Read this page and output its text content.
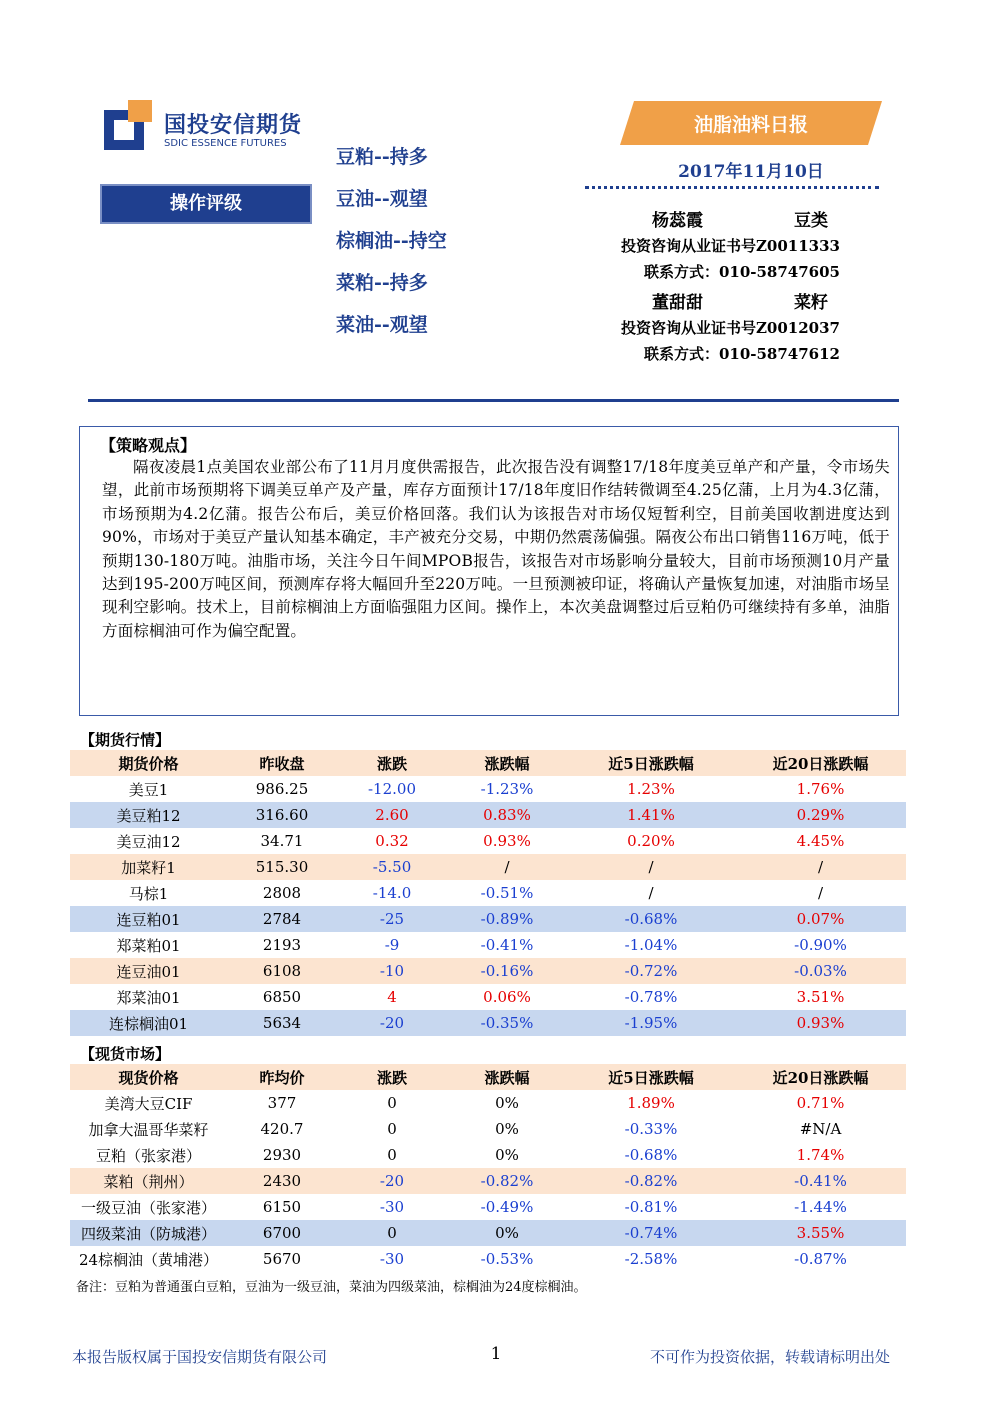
国投安信期货
SDIC ESSENCE FUTURES
操作评级
豆粕--持多
豆油--观望
棕榈油--持空
菜粕--持多
菜油--观望
油脂油料日报
2017年11月10日
杨蕊霞	豆类
投资咨询从业证书号Z0011333
联系方式：010-58747605
董甜甜	菜籽
投资咨询从业证书号Z0012037
联系方式：010-58747612
【策略观点】

隔夜凌晨1点美国农业部公布了11月月度供需报告，此次报告没有调整17/18年度美豆单产和产量，令市场失望，此前市场预期将下调美豆单产及产量，库存方面预计17/18年度旧作结转微调至4.25亿蒲，上月为4.3亿蒲，市场预期为4.2亿蒲。报告公布后，美豆价格回落。我们认为该报告对市场仅短暂利空，目前美国收割进度达到90%，市场对于美豆产量认知基本确定，丰产被充分交易，中期仍然震荡偏强。隔夜公布出口销售116万吨，低于预期130-180万吨。油脂市场，关注今日午间MPOB报告，该报告对市场影响分量较大，目前市场预测10月产量达到195-200万吨区间，预测库存将大幅回升至220万吨。一旦预测被印证，将确认产量恢复加速，对油脂市场呈现利空影响。技术上，目前棕榈油上方面临强阻力区间。操作上，本次美盘调整过后豆粕仍可继续持有多单，油脂方面棕榈油可作为偏空配置。

【期货行情】
期货价格	昨收盘	涨跌	涨跌幅	近5日涨跌幅	近20日涨跌幅
美豆1	986.25	-12.00	-1.23%	1.23%	1.76%
美豆粕12	316.60	2.60	0.83%	1.41%	0.29%
美豆油12	34.71	0.32	0.93%	0.20%	4.45%
加菜籽1	515.30	-5.50	/	/	/
马棕1	2808	-14.0	-0.51%	/	/
连豆粕01	2784	-25	-0.89%	-0.68%	0.07%
郑菜粕01	2193	-9	-0.41%	-1.04%	-0.90%
连豆油01	6108	-10	-0.16%	-0.72%	-0.03%
郑菜油01	6850	4	0.06%	-0.78%	3.51%
连棕榈油01	5634	-20	-0.35%	-1.95%	0.93%
【现货市场】
现货价格	昨均价	涨跌	涨跌幅	近5日涨跌幅	近20日涨跌幅
美湾大豆CIF	377	0	0%	1.89%	0.71%
加拿大温哥华菜籽	420.7	0	0%	-0.33%	#N/A
豆粕（张家港）	2930	0	0%	-0.68%	1.74%
菜粕（荆州）	2430	-20	-0.82%	-0.82%	-0.41%
一级豆油（张家港）	6150	-30	-0.49%	-0.81%	-1.44%
四级菜油（防城港）	6700	0	0%	-0.74%	3.55%
24棕榈油（黄埔港）	5670	-30	-0.53%	-2.58%	-0.87%
备注：豆粕为普通蛋白豆粕，豆油为一级豆油，菜油为四级菜油，棕榈油为24度棕榈油。
本报告版权属于国投安信期货有限公司	1	不可作为投资依据，转载请标明出处
